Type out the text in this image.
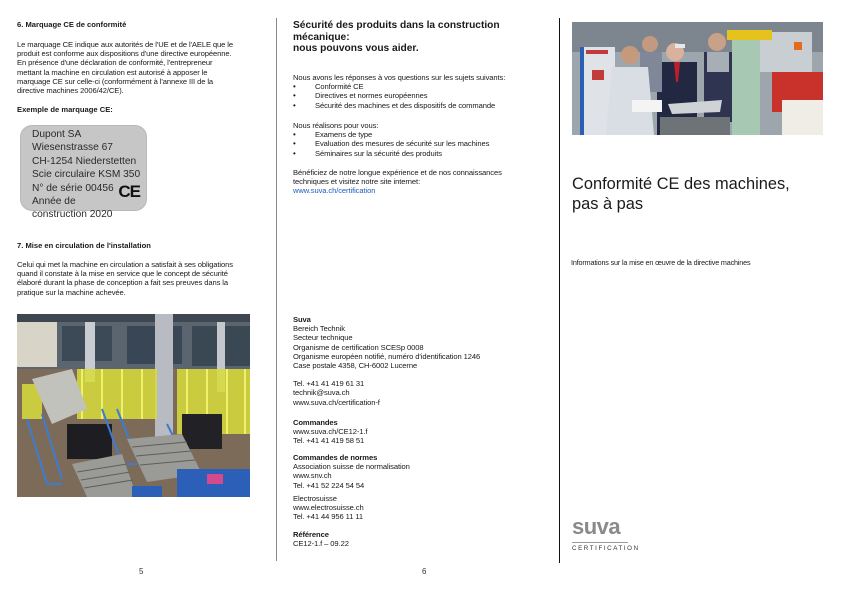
6. Marquage CE de conformité

Le marquage CE indique aux autorités de l'UE et de l'AELE que le

produit est conforme aux dispositions d'une directive européenne.

En présence d'une déclaration de conformité, l'entrepreneur

mettant la machine en circulation est autorisé à apposer le

marquage CE sur celle-ci (conformément à l'annexe III de la

directive machines 2006/42/CE).

Exemple de marquage CE:
Dupont SA
Wiesenstrasse 67
CH-1254 Niederstetten
Scie circulaire KSM 350
N° de série 00456
Année de
construction 2020
CE
7. Mise en circulation de l'installation

Celui qui met la machine en circulation a satisfait à ses obligations

quand il constate à la mise en service que le concept de sécurité

élaboré durant la phase de conception a fait ses preuves dans la

pratique sur la machine achevée.

5
Sécurité des produits dans la construction
mécanique:
nous pouvons vous aider.

Nous avons les réponses à vos questions sur les sujets suivants:

• Conformité CE
• Directives et normes européennes
• Sécurité des machines et des dispositifs de commande

Nous réalisons pour vous:

• Examens de type
• Evaluation des mesures de sécurité sur les machines
• Séminaires sur la sécurité des produits

Bénéficiez de notre longue expérience et de nos connaissances

techniques et visitez notre site internet:

www.suva.ch/certification

Suva

Bereich Technik

Secteur technique

Organisme de certification SCESp 0008

Organisme européen notifié, numéro d'identification 1246

Case postale 4358, CH-6002 Lucerne

Tel. +41 41 419 61 31

technik@suva.ch

www.suva.ch/certification-f

Commandes

www.suva.ch/CE12-1.f

Tel. +41 41 419 58 51

Commandes de normes

Association suisse de normalisation

www.snv.ch

Tel. +41 52 224 54 54

Electrosuisse

www.electrosuisse.ch

Tel. +41 44 956 11 11

Référence

CE12-1.f – 09.22

6
Conformité CE des machines,
pas à pas
Informations sur la mise en œuvre de la directive machines
suva
CERTIFICATION
